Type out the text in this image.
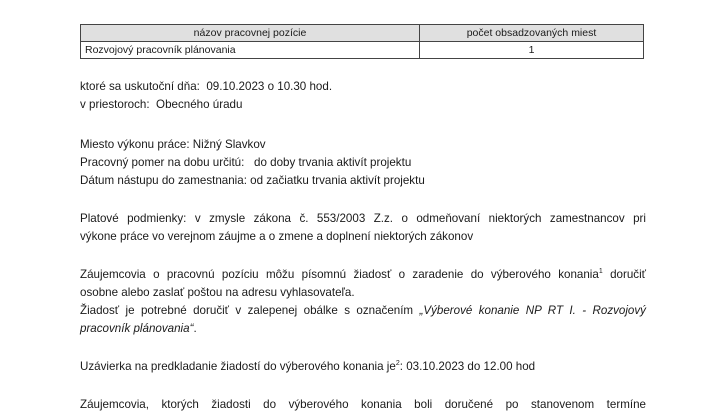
názov pracovnej pozície	počet obsadzovaných miest
Rozvojový pracovník plánovania	1

ktoré sa uskutoční dňa: 09.10.2023 o 10.30 hod.

v priestoroch: Obecného úradu

Miesto výkonu práce: Nižný Slavkov

Pracovný pomer na dobu určitú: do doby trvania aktivít projektu

Dátum nástupu do zamestnania: od začiatku trvania aktivít projektu

Platové podmienky: v zmysle zákona č. 553/2003 Z.z. o odmeňovaní niektorých zamestnancov pri

výkone práce vo verejnom záujme a o zmene a doplnení niektorých zákonov

Záujemcovia o pracovnú pozíciu môžu písomnú žiadosť o zaradenie do výberového konania$^1$ doručiť

osobne alebo zaslať poštou na adresu vyhlasovateľa.

Žiadosť je potrebné doručiť v zalepenej obálke s označením „Výberové konanie NP RT I. - Rozvojový

pracovník plánovania“.

Uzávierka na predkladanie žiadostí do výberového konania $je^2$: 03.10.2023 do 12.00 hod

Záujemcovia, ktorých žiadosti do výberového konania boli doručené po stanovenom termíne
